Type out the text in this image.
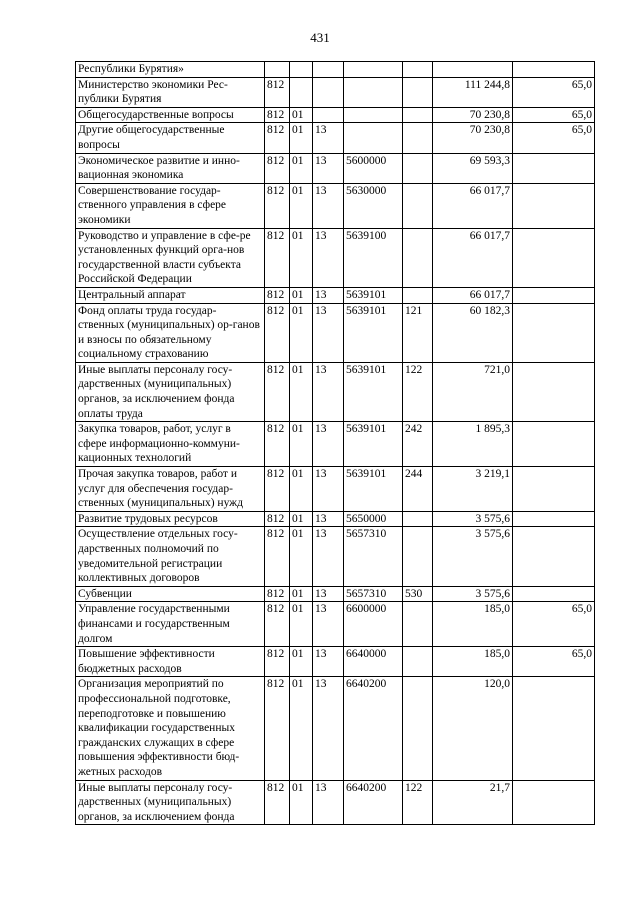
431
Республики Бурятия»							
Министерство экономики Рес-публики Бурятия	812					111 244,8	65,0
Общегосударственные вопросы	812	01				70 230,8	65,0
Другие общегосударственные вопросы	812	01	13			70 230,8	65,0
Экономическое развитие и инно-вационная экономика	812	01	13	5600000		69 593,3	
Совершенствование государ-ственного управления в сфере экономики	812	01	13	5630000		66 017,7	
Руководство и управление в сфе-ре установленных функций орга-нов государственной власти субъекта Российской Федерации	812	01	13	5639100		66 017,7	
Центральный аппарат	812	01	13	5639101		66 017,7	
Фонд оплаты труда государ-ственных (муниципальных) ор-ганов и взносы по обязательному социальному страхованию	812	01	13	5639101	121	60 182,3	
Иные выплаты персоналу госу-дарственных (муниципальных) органов, за исключением фонда оплаты труда	812	01	13	5639101	122	721,0	
Закупка товаров, работ, услуг в сфере информационно-коммуни-кационных технологий	812	01	13	5639101	242	1 895,3	
Прочая закупка товаров, работ и услуг для обеспечения государ-ственных (муниципальных) нужд	812	01	13	5639101	244	3 219,1	
Развитие трудовых ресурсов	812	01	13	5650000		3 575,6	
Осуществление отдельных госу-дарственных полномочий по уведомительной регистрации коллективных договоров	812	01	13	5657310		3 575,6	
Субвенции	812	01	13	5657310	530	3 575,6	
Управление государственными финансами и государственным долгом	812	01	13	6600000		185,0	65,0
Повышение эффективности бюджетных расходов	812	01	13	6640000		185,0	65,0
Организация мероприятий по профессиональной подготовке, переподготовке и повышению квалификации государственных гражданских служащих в сфере повышения эффективности бюд-жетных расходов	812	01	13	6640200		120,0	
Иные выплаты персоналу госу-дарственных (муниципальных) органов, за исключением фонда	812	01	13	6640200	122	21,7	
